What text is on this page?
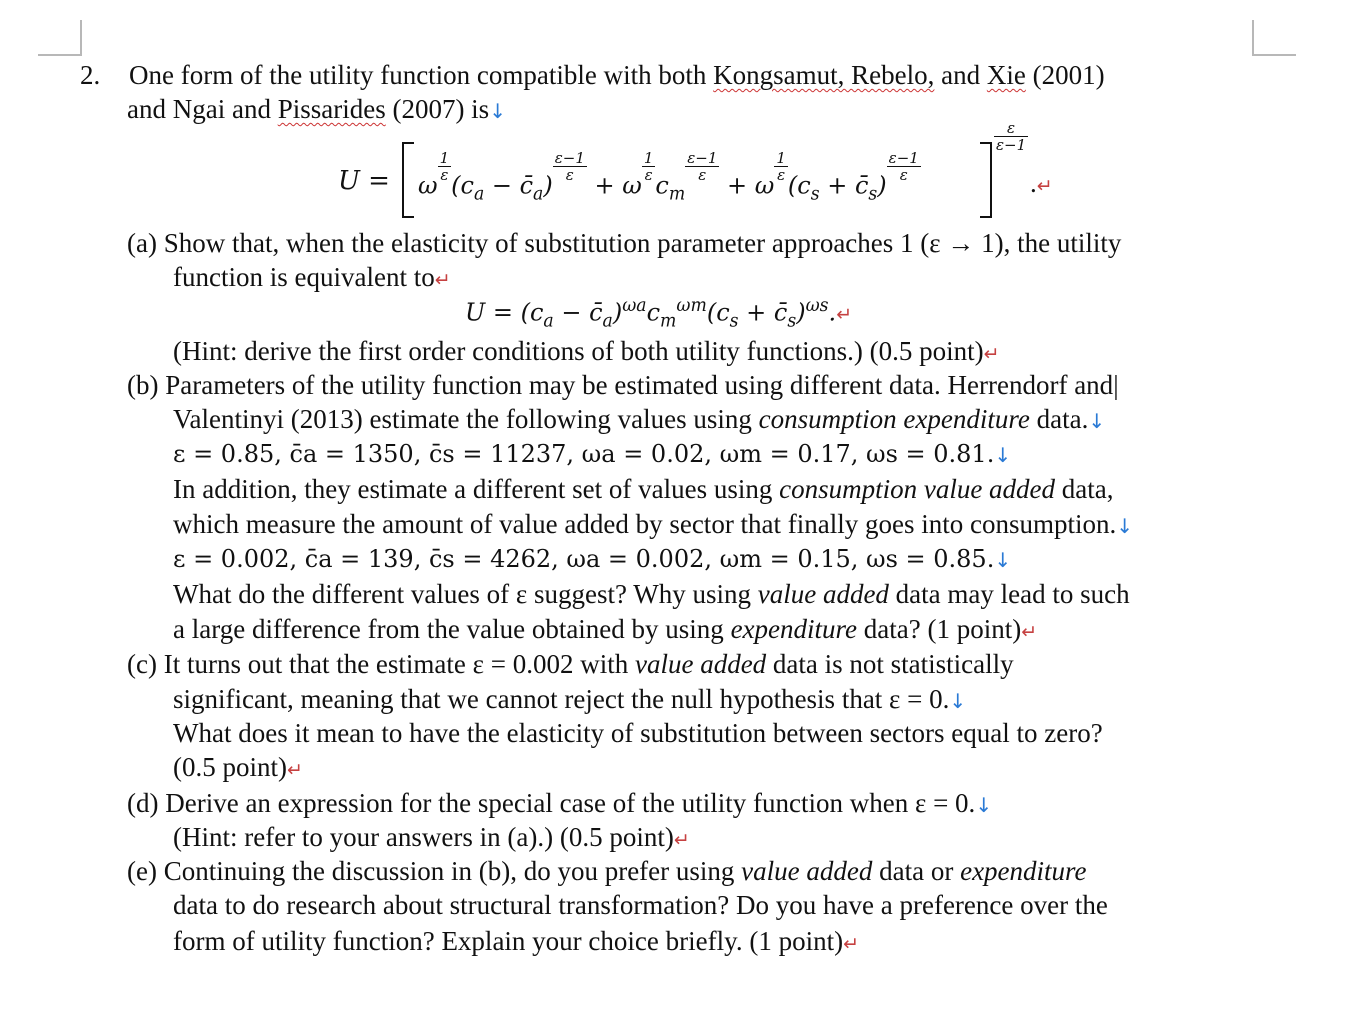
2. One form of the utility function compatible with both Kongsamut, Rebelo, and Xie (2001)
and Ngai and Pissarides (2007) is↓
U = ω
$\frac{1}{\varepsilon}$
($c_a$ − $c̄_a$)
$\frac{\varepsilon-1}{\varepsilon}$
+ ω
$\frac{1}{\varepsilon}$
$c_m$
$\frac{\varepsilon-1}{\varepsilon}$
+ ω
$\frac{1}{\varepsilon}$
($c_s$ + $c̄_s$)
$\frac{\varepsilon-1}{\varepsilon}$
$\frac{\varepsilon}{\varepsilon-1}$
.↵
(a) Show that, when the elasticity of substitution parameter approaches 1 (ε → 1), the utility
function is equivalent to↵
$U = (c_a$ − $c̄_a)^{\omega a}c_m^{\omega m}(c_s$ + $c̄_s)^{\omega s}.↵$
(Hint: derive the first order conditions of both utility functions.) (0.5 point)↵
(b) Parameters of the utility function may be estimated using different data. Herrendorf and|
Valentinyi (2013) estimate the following values using consumption expenditure data.↓
ε = 0.85, c̄a = 1350, c̄s = 11237, ωa = 0.02, ωm = 0.17, ωs = 0.81.↓
In addition, they estimate a different set of values using consumption value added data,
which measure the amount of value added by sector that finally goes into consumption.↓
ε = 0.002, c̄a = 139, c̄s = 4262, ωa = 0.002, ωm = 0.15, ωs = 0.85.↓
What do the different values of ε suggest? Why using value added data may lead to such
a large difference from the value obtained by using expenditure data? (1 point)↵
(c) It turns out that the estimate ε = 0.002 with value added data is not statistically
significant, meaning that we cannot reject the null hypothesis that ε = 0.↓
What does it mean to have the elasticity of substitution between sectors equal to zero?
(0.5 point)↵
(d) Derive an expression for the special case of the utility function when ε = 0.↓
(Hint: refer to your answers in (a).) (0.5 point)↵
(e) Continuing the discussion in (b), do you prefer using value added data or expenditure
data to do research about structural transformation? Do you have a preference over the
form of utility function? Explain your choice briefly. (1 point)↵
